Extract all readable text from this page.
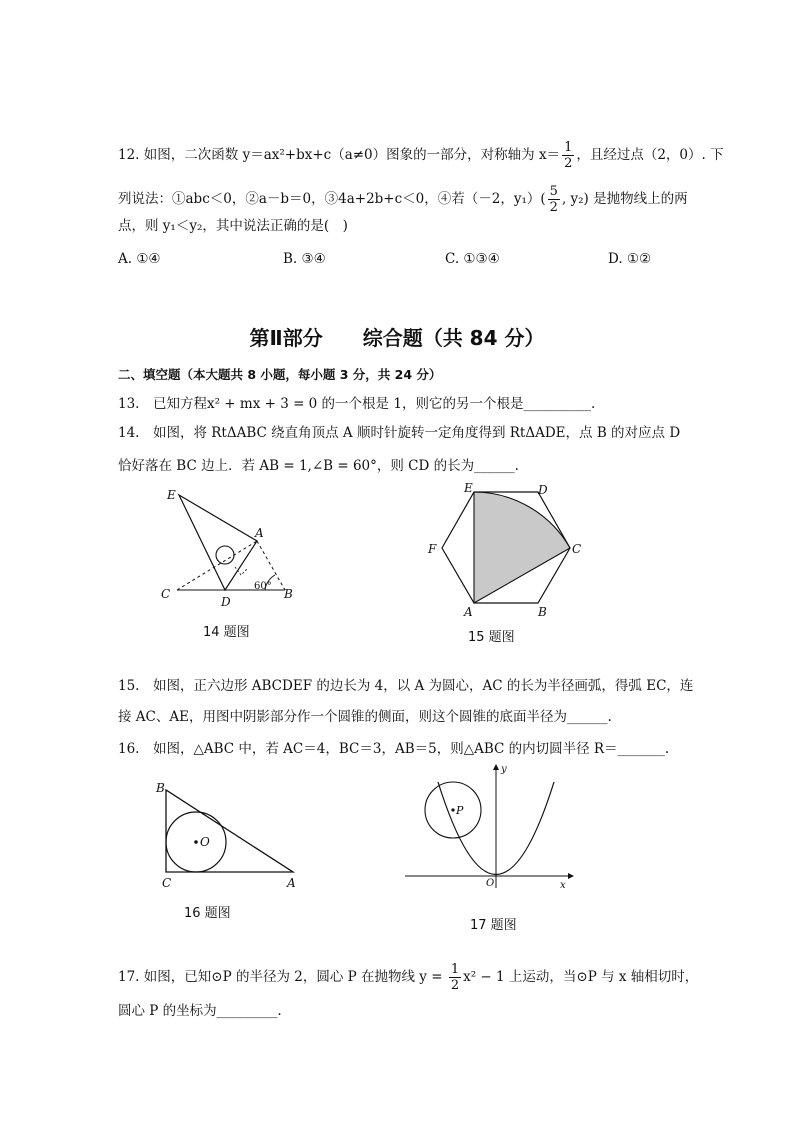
12. 如图，二次函数 y＝ax²+bx+c（a≠0）图象的一部分，对称轴为 $x= \frac{1}{2}$ ，且经过点（2，0）. 下
列说法：①abc＜0，②a－b＝0，③4a+2b+c＜0，④若（－2，$y_1)( \frac{5}{2}$ , y₂) 是抛物线上的两
点，则 y₁＜y₂，其中说法正确的是(　)
A. ①④	B. ③④	C. ①③④	D. ①②
第Ⅱ部分　　综合题（共 84 分）
二、填空题（本大题共 8 小题，每小题 3 分，共 24 分）
13.　已知方程x² + mx + 3 = 0 的一个根是 1，则它的另一个根是__________.
14.　如图，将 RtΔABC 绕直角顶点 A 顺时针旋转一定角度得到 RtΔADE，点 B 的对应点 D
恰好落在 BC 边上．若 AB = 1,∠B = 60°，则 CD 的长为______.
E
A
C
D
B
60°
14 题图
E	D
F	C
A	B
15 题图
15.　如图，正六边形 ABCDEF 的边长为 4，以 A 为圆心，AC 的长为半径画弧，得弧 EC，连
接 AC、AE，用图中阴影部分作一个圆锥的侧面，则这个圆锥的底面半径为______.
16.　如图，△ABC 中，若 AC＝4，BC＝3，AB＝5，则△ABC 的内切圆半径 R＝_______.
B
O
C	A
16 题图
y
P
O	x
17 题图
17. 如图，已知⊙P 的半径为 2，圆心 P 在抛物线 $y = \frac{1}{2} x^2 - 1$ 上运动，当⊙P 与 x 轴相切时，
圆心 P 的坐标为_________.
